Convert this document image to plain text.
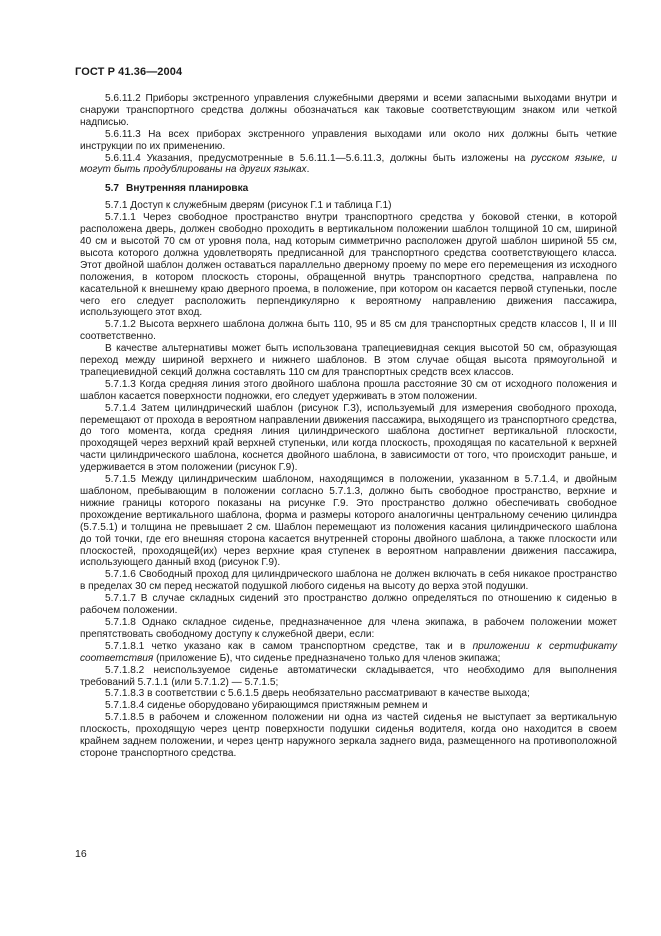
ГОСТ Р 41.36—2004

5.6.11.2 Приборы экстренного управления служебными дверями и всеми запасными выходами внутри и снаружи транспортного средства должны обозначаться как таковые соответствующим знаком или четкой надписью.

5.6.11.3 На всех приборах экстренного управления выходами или около них должны быть четкие инструкции по их применению.

5.6.11.4 Указания, предусмотренные в 5.6.11.1—5.6.11.3, должны быть изложены на русском языке, и могут быть продублированы на других языках.

5.7 Внутренняя планировка

5.7.1 Доступ к служебным дверям (рисунок Г.1 и таблица Г.1)

5.7.1.1 Через свободное пространство внутри транспортного средства у боковой стенки, в которой расположена дверь, должен свободно проходить в вертикальном положении шаблон толщиной 10 см, шириной 40 см и высотой 70 см от уровня пола, над которым симметрично расположен другой шаблон шириной 55 см, высота которого должна удовлетворять предписанной для транспортного средства соответствующего класса. Этот двойной шаблон должен оставаться параллельно дверному проему по мере его перемещения из исходного положения, в котором плоскость стороны, обращенной внутрь транспортного средства, направлена по касательной к внешнему краю дверного проема, в положение, при котором он касается первой ступеньки, после чего его следует расположить перпендикулярно к вероятному направлению движения пассажира, использующего этот вход.

5.7.1.2 Высота верхнего шаблона должна быть 110, 95 и 85 см для транспортных средств классов I, II и III соответственно.

В качестве альтернативы может быть использована трапециевидная секция высотой 50 см, образующая переход между шириной верхнего и нижнего шаблонов. В этом случае общая высота прямоугольной и трапециевидной секций должна составлять 110 см для транспортных средств всех классов.

5.7.1.3 Когда средняя линия этого двойного шаблона прошла расстояние 30 см от исходного положения и шаблон касается поверхности подножки, его следует удерживать в этом положении.

5.7.1.4 Затем цилиндрический шаблон (рисунок Г.3), используемый для измерения свободного прохода, перемещают от прохода в вероятном направлении движения пассажира, выходящего из транспортного средства, до того момента, когда средняя линия цилиндрического шаблона достигнет вертикальной плоскости, проходящей через верхний край верхней ступеньки, или когда плоскость, проходящая по касательной к верхней части цилиндрического шаблона, коснется двойного шаблона, в зависимости от того, что происходит раньше, и удерживается в этом положении (рисунок Г.9).

5.7.1.5 Между цилиндрическим шаблоном, находящимся в положении, указанном в 5.7.1.4, и двойным шаблоном, пребывающим в положении согласно 5.7.1.3, должно быть свободное пространство, верхние и нижние границы которого показаны на рисунке Г.9. Это пространство должно обеспечивать свободное прохождение вертикального шаблона, форма и размеры которого аналогичны центральному сечению цилиндра (5.7.5.1) и толщина не превышает 2 см. Шаблон перемещают из положения касания цилиндрического шаблона до той точки, где его внешняя сторона касается внутренней стороны двойного шаблона, а также плоскости или плоскостей, проходящей(их) через верхние края ступенек в вероятном направлении движения пассажира, использующего данный вход (рисунок Г.9).

5.7.1.6 Свободный проход для цилиндрического шаблона не должен включать в себя никакое пространство в пределах 30 см перед несжатой подушкой любого сиденья на высоту до верха этой подушки.

5.7.1.7 В случае складных сидений это пространство должно определяться по отношению к сиденью в рабочем положении.

5.7.1.8 Однако складное сиденье, предназначенное для члена экипажа, в рабочем положении может препятствовать свободному доступу к служебной двери, если:

5.7.1.8.1 четко указано как в самом транспортном средстве, так и в приложении к сертификату соответствия (приложение Б), что сиденье предназначено только для членов экипажа;

5.7.1.8.2 неиспользуемое сиденье автоматически складывается, что необходимо для выполнения требований 5.7.1.1 (или 5.7.1.2) — 5.7.1.5;

5.7.1.8.3 в соответствии с 5.6.1.5 дверь необязательно рассматривают в качестве выхода;

5.7.1.8.4 сиденье оборудовано убирающимся пристяжным ремнем и

5.7.1.8.5 в рабочем и сложенном положении ни одна из частей сиденья не выступает за вертикальную плоскость, проходящую через центр поверхности подушки сиденья водителя, когда оно находится в своем крайнем заднем положении, и через центр наружного зеркала заднего вида, размещенного на противоположной стороне транспортного средства.

16
